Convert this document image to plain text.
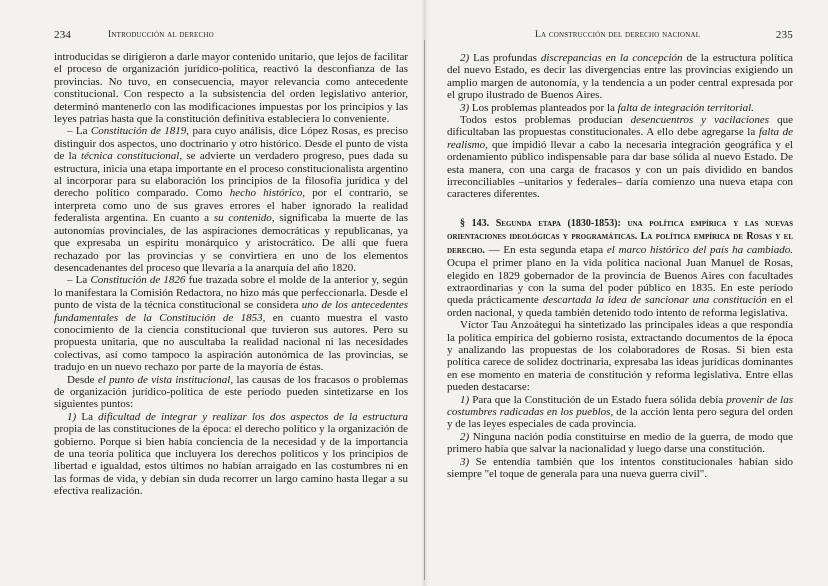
234	Introducción al derecho

introducidas se dirigieron a darle mayor contenido unitario, que lejos de facilitar el proceso de organización jurídico-política, reactivó la desconfianza de las provincias. No tuvo, en consecuencia, mayor relevancia como antecedente constitucional. Con respecto a la subsistencia del orden legislativo anterior, determinó mantenerlo con las modificaciones impuestas por los principios y las leyes patrias hasta que la constitución definitiva estableciera lo conveniente.

– La Constitución de 1819, para cuyo análisis, dice López Rosas, es preciso distinguir dos aspectos, uno doctrinario y otro histórico. Desde el punto de vista de la técnica constitucional, se advierte un verdadero progreso, pues dada su estructura, inicia una etapa importante en el proceso constitucionalista argentino al incorporar para su elaboración los principios de la filosofía jurídica y del derecho político comparado. Como hecho histórico, por el contrario, se interpreta como uno de sus graves errores el haber ignorado la realidad federalista argentina. En cuanto a su contenido, significaba la muerte de las autonomías provinciales, de las aspiraciones democráticas y republicanas, ya que expresaba un espíritu monárquico y aristocrático. De allí que fuera rechazado por las provincias y se convirtiera en uno de los elementos desencadenantes del proceso que llevaría a la anarquía del año 1820.

– La Constitución de 1826 fue trazada sobre el molde de la anterior y, según lo manifestara la Comisión Redactora, no hizo más que perfeccionarla. Desde el punto de vista de la técnica constitucional se considera uno de los antecedentes fundamentales de la Constitución de 1853, en cuanto muestra el vasto conocimiento de la ciencia constitucional que tuvieron sus autores. Pero su propuesta unitaria, que no auscultaba la realidad nacional ni las necesidades colectivas, así como tampoco la aspiración autonómica de las provincias, se tradujo en un nuevo rechazo por parte de la mayoría de éstas.

Desde el punto de vista institucional, las causas de los fracasos o problemas de organización jurídico-política de este período pueden sintetizarse en los siguientes puntos:

1) La dificultad de integrar y realizar los dos aspectos de la estructura propia de las constituciones de la época: el derecho político y la organización de gobierno. Porque si bien había conciencia de la necesidad y de la importancia de una teoría política que incluyera los derechos políticos y los principios de libertad e igualdad, estos últimos no habían arraigado en las costumbres ni en las formas de vida, y debían sin duda recorrer un largo camino hasta llegar a su efectiva realización.

La construcción del derecho nacional	235

2) Las profundas discrepancias en la concepción de la estructura política del nuevo Estado, es decir las divergencias entre las provincias exigiendo un amplio margen de autonomía, y la tendencia a un poder central expresada por el grupo ilustrado de Buenos Aires.

3) Los problemas planteados por la falta de integración territorial.

Todos estos problemas producían desencuentros y vacilaciones que dificultaban las propuestas constitucionales. A ello debe agregarse la falta de realismo, que impidió llevar a cabo la necesaria integración geográfica y el ordenamiento público indispensable para dar base sólida al nuevo Estado. De esta manera, con una carga de fracasos y con un país dividido en bandos irreconciliables –unitarios y federales– daría comienzo una nueva etapa con caracteres diferentes.

§ 143. Segunda etapa (1830-1853): una política empírica y las nuevas orientaciones ideológicas y programáticas. La política empírica de Rosas y el derecho. — En esta segunda etapa el marco histórico del país ha cambiado. Ocupa el primer plano en la vida política nacional Juan Manuel de Rosas, elegido en 1829 gobernador de la provincia de Buenos Aires con facultades extraordinarias y con la suma del poder público en 1835. En este período queda prácticamente descartada la idea de sancionar una constitución en el orden nacional, y queda también detenido todo intento de reforma legislativa.

Víctor Tau Anzoátegui ha sintetizado las principales ideas a que respondía la política empírica del gobierno rosista, extractando documentos de la época y analizando las propuestas de los colaboradores de Rosas. Si bien esta política carece de solidez doctrinaria, expresaba las ideas jurídicas dominantes en ese momento en materia de constitución y reforma legislativa. Entre ellas pueden destacarse:

1) Para que la Constitución de un Estado fuera sólida debía provenir de las costumbres radicadas en los pueblos, de la acción lenta pero segura del orden y de las leyes especiales de cada provincia.

2) Ninguna nación podía constituirse en medio de la guerra, de modo que primero había que salvar la nacionalidad y luego darse una constitución.

3) Se entendía también que los intentos constitucionales habían sido siempre "el toque de generala para una nueva guerra civil".
